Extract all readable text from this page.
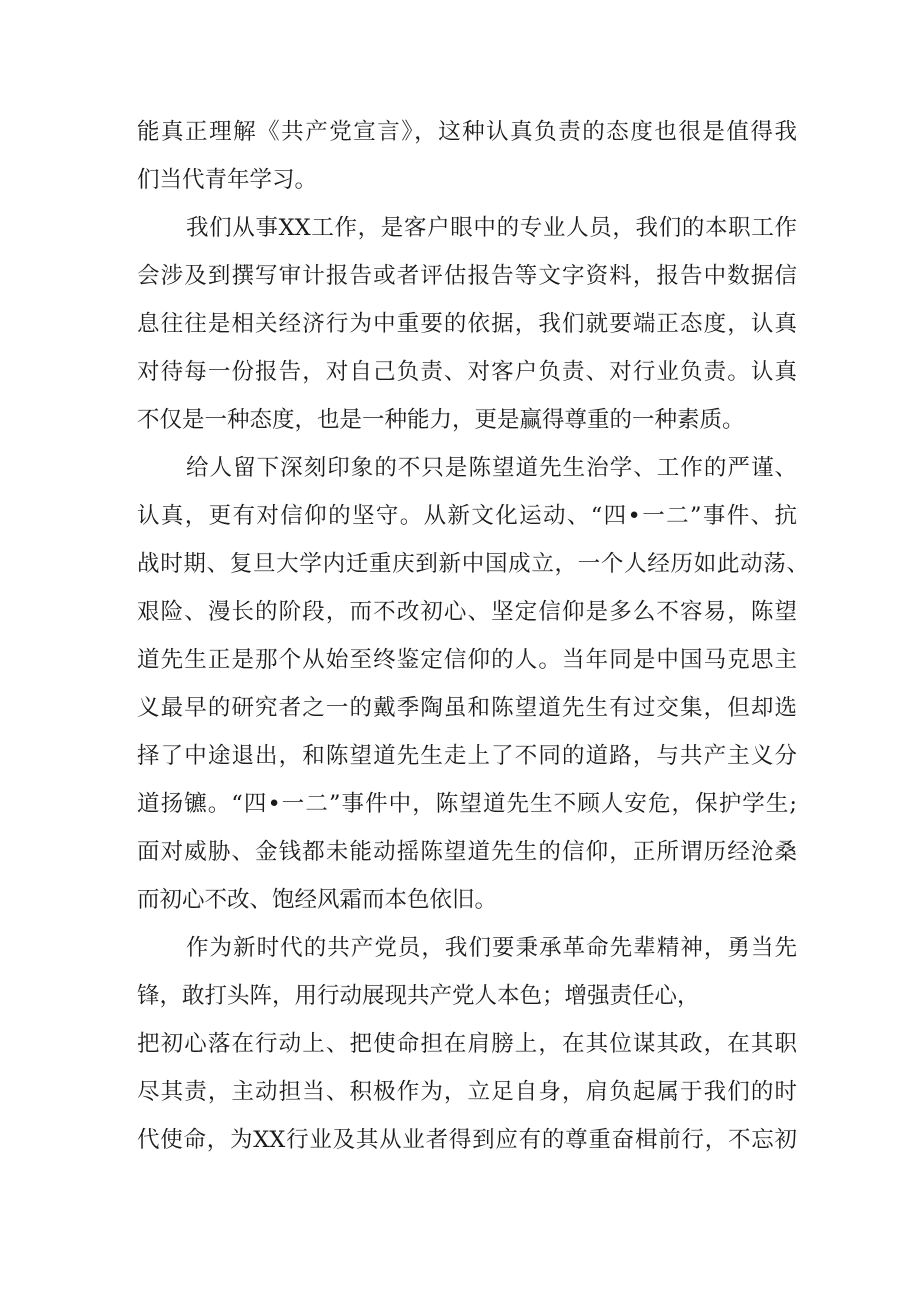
能真正理解《共产党宣言》，这种认真负责的态度也很是值得我
们当代青年学习。
我们从事XX工作，是客户眼中的专业人员，我们的本职工作
会涉及到撰写审计报告或者评估报告等文字资料，报告中数据信
息往往是相关经济行为中重要的依据，我们就要端正态度，认真
对待每一份报告，对自己负责、对客户负责、对行业负责。认真
不仅是一种态度，也是一种能力，更是赢得尊重的一种素质。
给人留下深刻印象的不只是陈望道先生治学、工作的严谨、
认真，更有对信仰的坚守。从新文化运动、“四•一二”事件、抗
战时期、复旦大学内迁重庆到新中国成立，一个人经历如此动荡、
艰险、漫长的阶段，而不改初心、坚定信仰是多么不容易，陈望
道先生正是那个从始至终鉴定信仰的人。当年同是中国马克思主
义最早的研究者之一的戴季陶虽和陈望道先生有过交集，但却选
择了中途退出，和陈望道先生走上了不同的道路，与共产主义分
道扬镳。“四•一二”事件中，陈望道先生不顾人安危，保护学生;
面对威胁、金钱都未能动摇陈望道先生的信仰，正所谓历经沧桑
而初心不改、饱经风霜而本色依旧。
作为新时代的共产党员，我们要秉承革命先辈精神，勇当先
锋，敢打头阵，用行动展现共产党人本色；增强责任心，
把初心落在行动上、把使命担在肩膀上，在其位谋其政，在其职
尽其责，主动担当、积极作为，立足自身，肩负起属于我们的时
代使命，为XX行业及其从业者得到应有的尊重奋楫前行，不忘初
